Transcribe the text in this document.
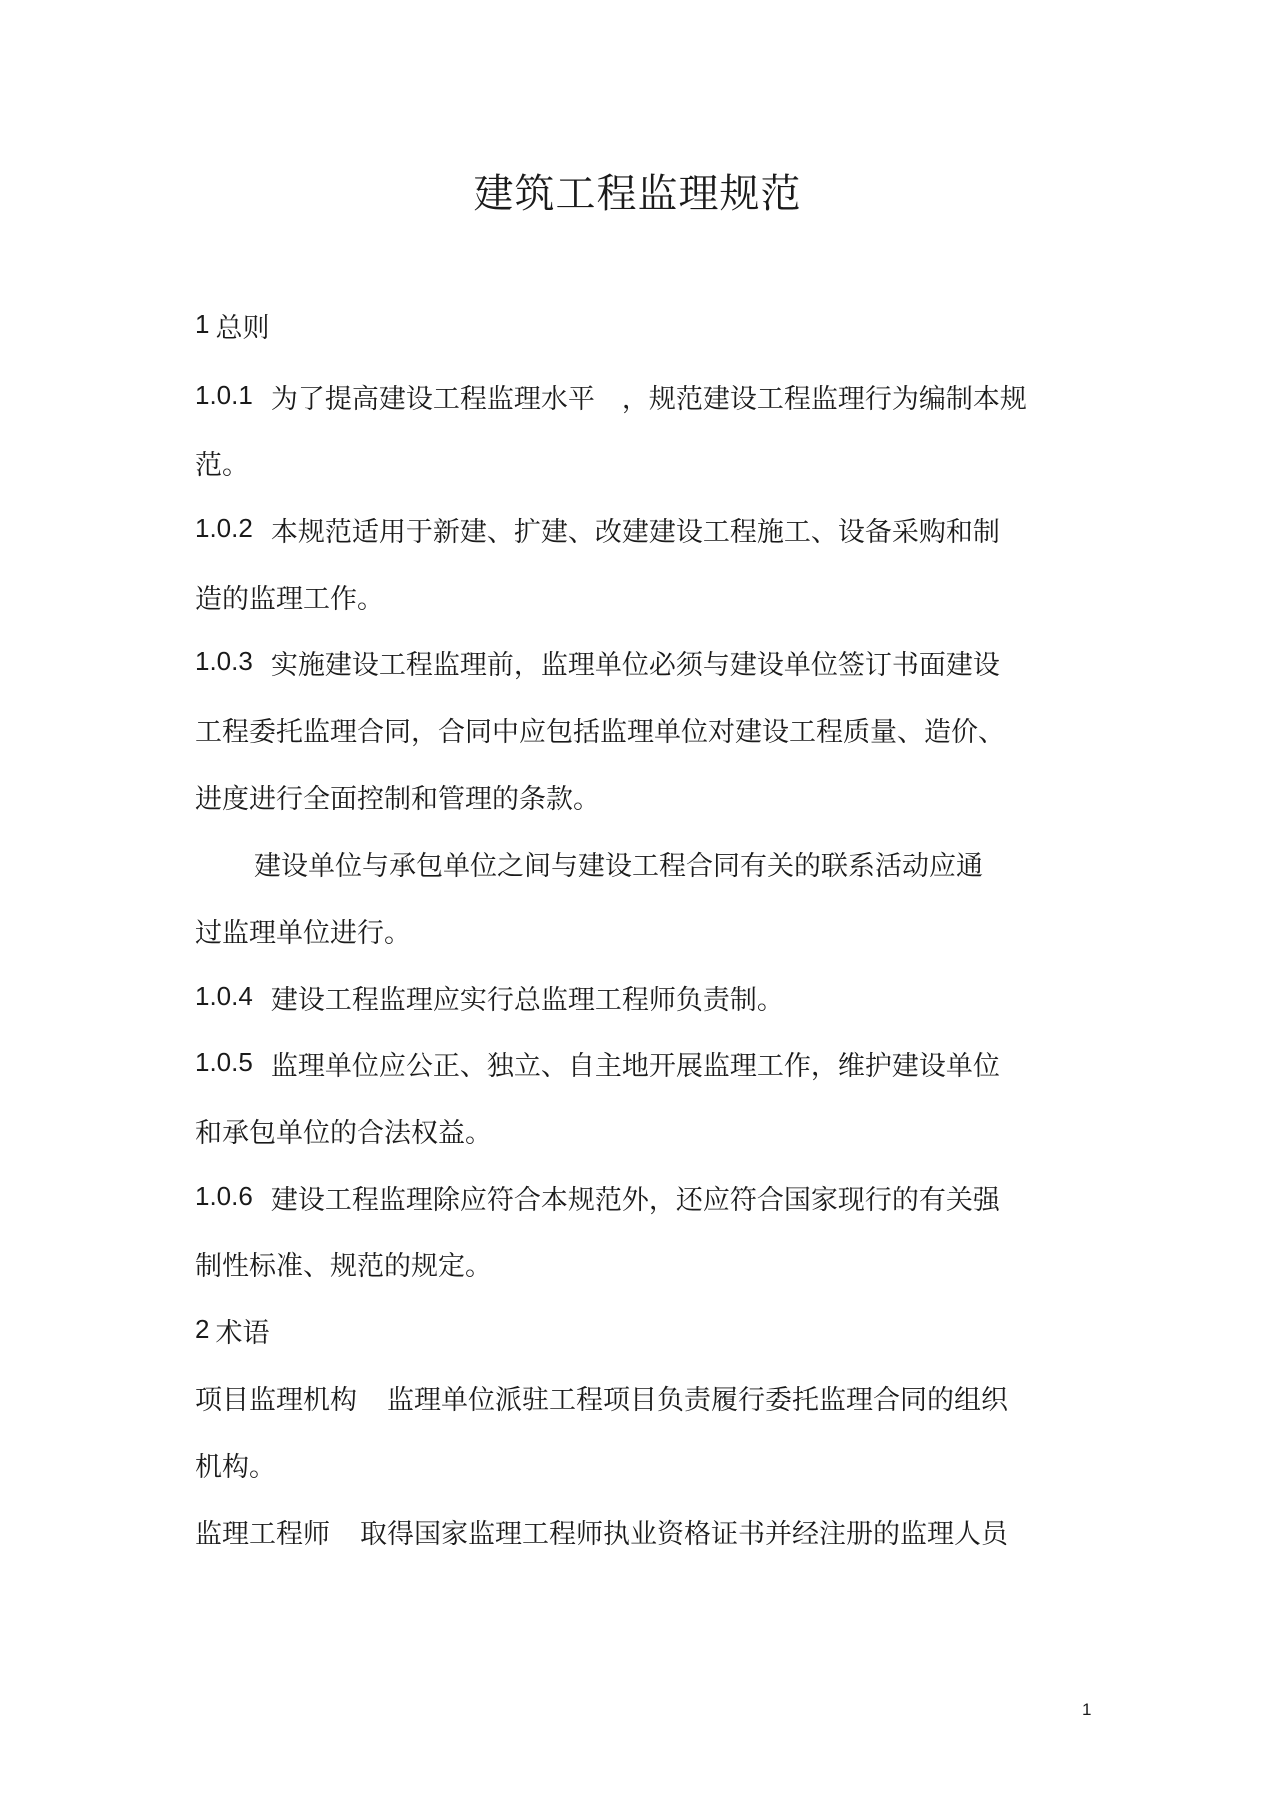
建筑工程监理规范
1 总则
1.0.1 为了提高建设工程监理水平　，规范建设工程监理行为编制本规
范。
1.0.2 本规范适用于新建、扩建、改建建设工程施工、设备采购和制
造的监理工作。
1.0.3 实施建设工程监理前，监理单位必须与建设单位签订书面建设
工程委托监理合同，合同中应包括监理单位对建设工程质量、造价、
进度进行全面控制和管理的条款。
建设单位与承包单位之间与建设工程合同有关的联系活动应通
过监理单位进行。
1.0.4 建设工程监理应实行总监理工程师负责制。
1.0.5 监理单位应公正、独立、自主地开展监理工作，维护建设单位
和承包单位的合法权益。
1.0.6 建设工程监理除应符合本规范外，还应符合国家现行的有关强
制性标准、规范的规定。
2 术语
项目监理机构 监理单位派驻工程项目负责履行委托监理合同的组织
机构。
监理工程师 取得国家监理工程师执业资格证书并经注册的监理人员
1
